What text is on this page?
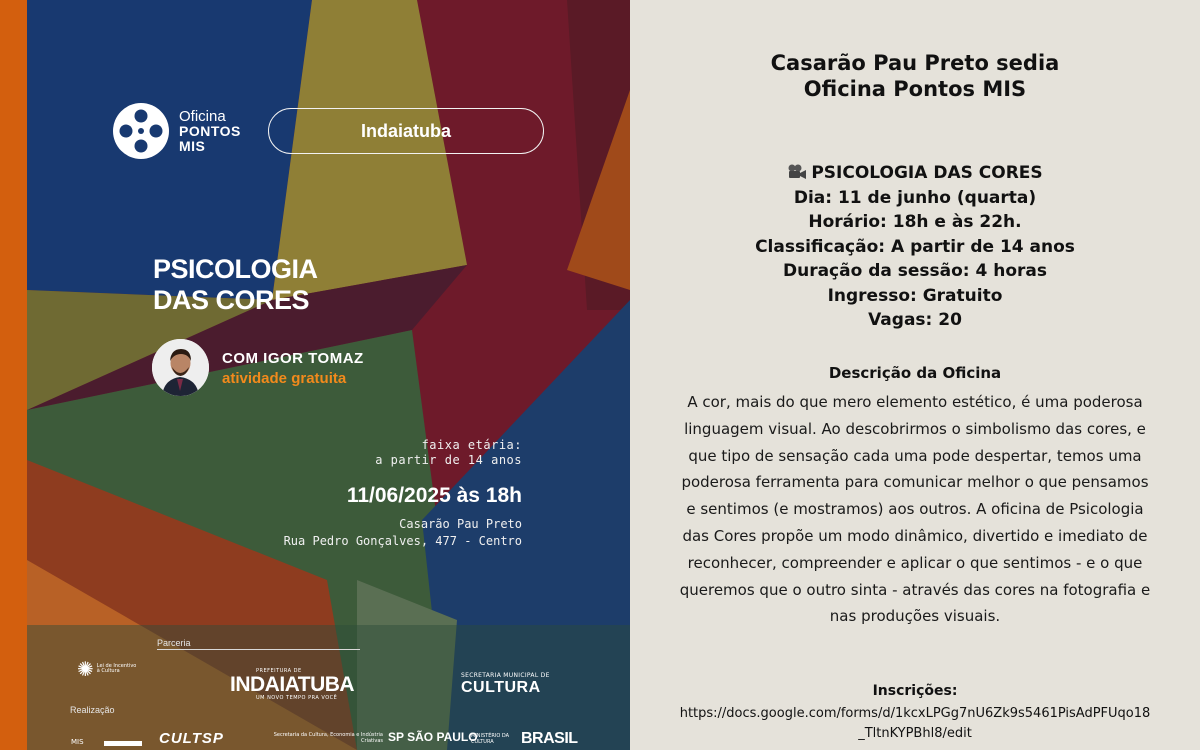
Oficina
PONTOS
MIS
Indaiatuba
PSICOLOGIA
DAS CORES
COM IGOR TOMAZ
atividade gratuita
faixa etária:
a partir de 14 anos
11/06/2025 às 18h
Casarão Pau Preto
Rua Pedro Gonçalves, 477 - Centro
Parceria
✺ Lei de Incentivo à Cultura	PREFEITURA DE
INDAIATUBA
UM NOVO TEMPO PRA VOCÊ
SECRETARIA MUNICIPAL DE
CULTURA
Realização
MIS	CULTSP	Secretaria da Cultura, Economia e Indústria Criativas SP SÃO PAULO
MINISTÉRIO DA CULTURA	BRASIL
Casarão Pau Preto sedia
Oficina Pontos MIS
PSICOLOGIA DAS CORES
Dia: 11 de junho (quarta)
Horário: 18h e às 22h.
Classificação: A partir de 14 anos
Duração da sessão: 4 horas
Ingresso: Gratuito
Vagas: 20
Descrição da Oficina
A cor, mais do que mero elemento estético, é uma poderosa linguagem visual. Ao descobrirmos o simbolismo das cores, e que tipo de sensação cada uma pode despertar, temos uma poderosa ferramenta para comunicar melhor o que pensamos e sentimos (e mostramos) aos outros. A oficina de Psicologia das Cores propõe um modo dinâmico, divertido e imediato de reconhecer, compreender e aplicar o que sentimos - e o que queremos que o outro sinta - através das cores na fotografia e nas produções visuais.
Inscrições:
https://docs.google.com/forms/d/1kcxLPGg7nU6Zk9s5461PisAdPFUqo18_TltnKYPBhl8/edit
